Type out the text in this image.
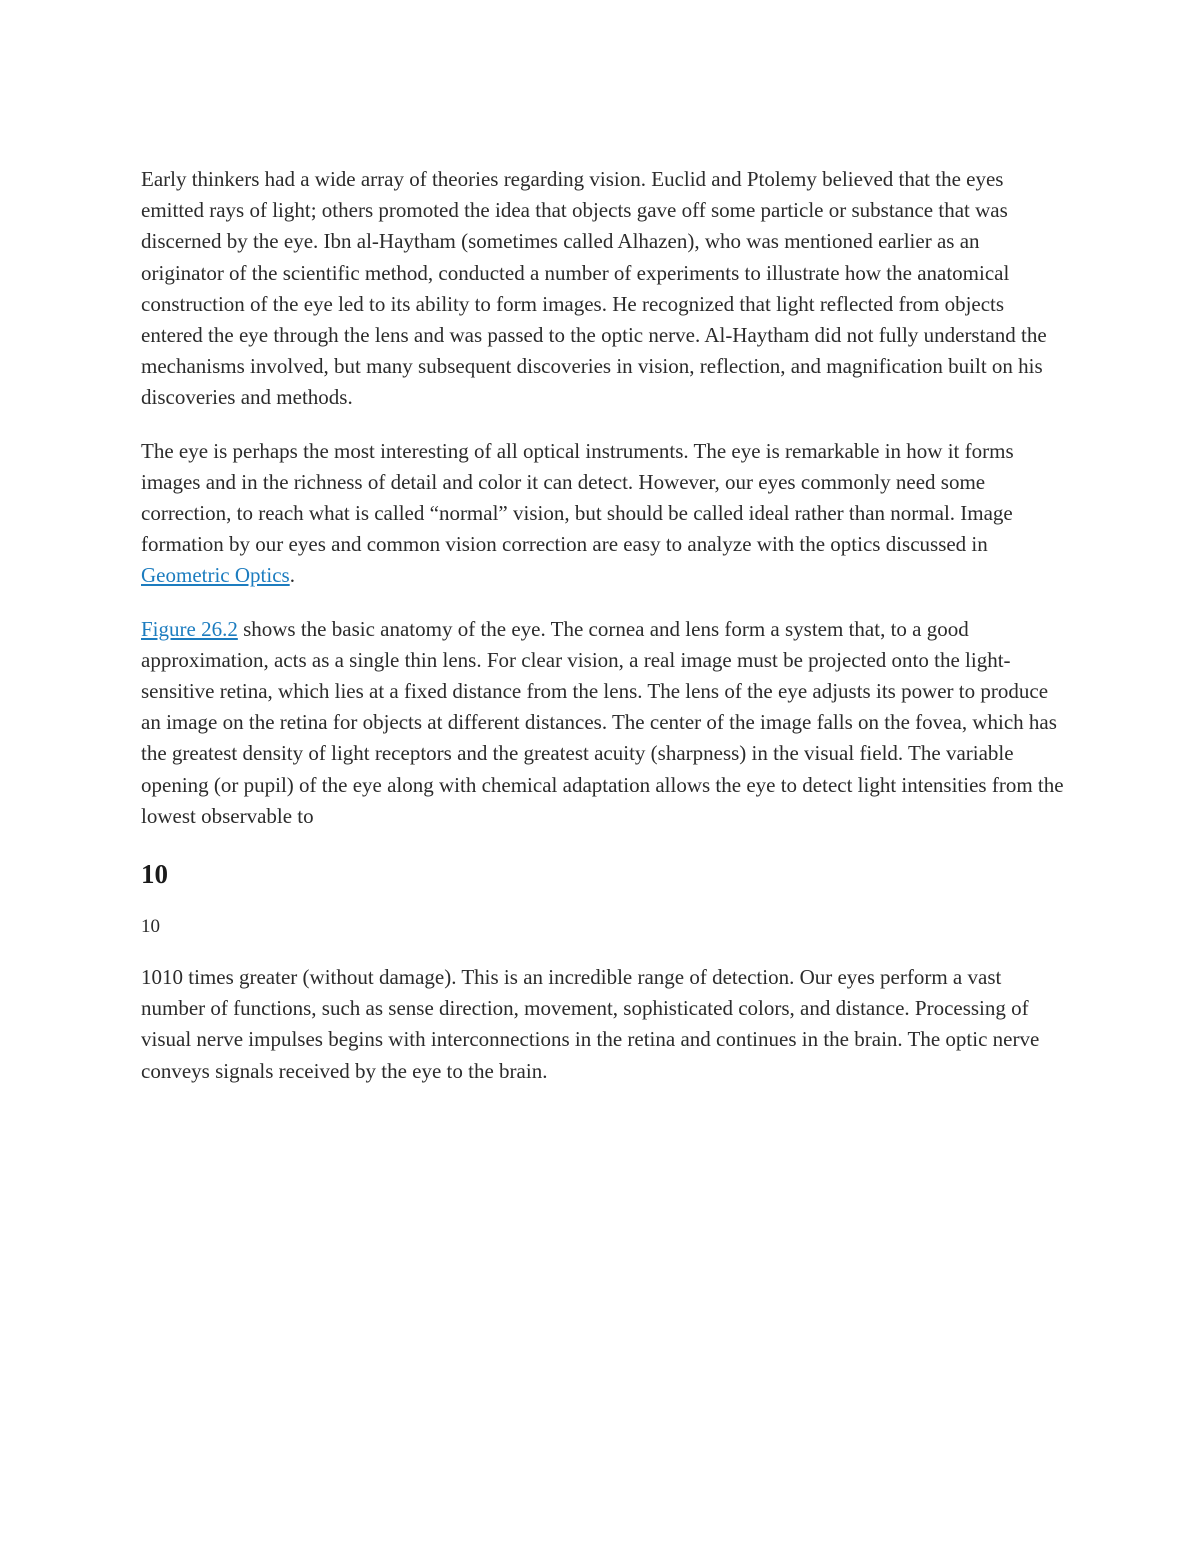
Early thinkers had a wide array of theories regarding vision. Euclid and Ptolemy believed that the eyes emitted rays of light; others promoted the idea that objects gave off some particle or substance that was discerned by the eye. Ibn al-Haytham (sometimes called Alhazen), who was mentioned earlier as an originator of the scientific method, conducted a number of experiments to illustrate how the anatomical construction of the eye led to its ability to form images. He recognized that light reflected from objects entered the eye through the lens and was passed to the optic nerve. Al-Haytham did not fully understand the mechanisms involved, but many subsequent discoveries in vision, reflection, and magnification built on his discoveries and methods.

The eye is perhaps the most interesting of all optical instruments. The eye is remarkable in how it forms images and in the richness of detail and color it can detect. However, our eyes commonly need some correction, to reach what is called “normal” vision, but should be called ideal rather than normal. Image formation by our eyes and common vision correction are easy to analyze with the optics discussed in Geometric Optics.

Figure 26.2 shows the basic anatomy of the eye. The cornea and lens form a system that, to a good approximation, acts as a single thin lens. For clear vision, a real image must be projected onto the light-sensitive retina, which lies at a fixed distance from the lens. The lens of the eye adjusts its power to produce an image on the retina for objects at different distances. The center of the image falls on the fovea, which has the greatest density of light receptors and the greatest acuity (sharpness) in the visual field. The variable opening (or pupil) of the eye along with chemical adaptation allows the eye to detect light intensities from the lowest observable to

10

10

1010 times greater (without damage). This is an incredible range of detection. Our eyes perform a vast number of functions, such as sense direction, movement, sophisticated colors, and distance. Processing of visual nerve impulses begins with interconnections in the retina and continues in the brain. The optic nerve conveys signals received by the eye to the brain.
